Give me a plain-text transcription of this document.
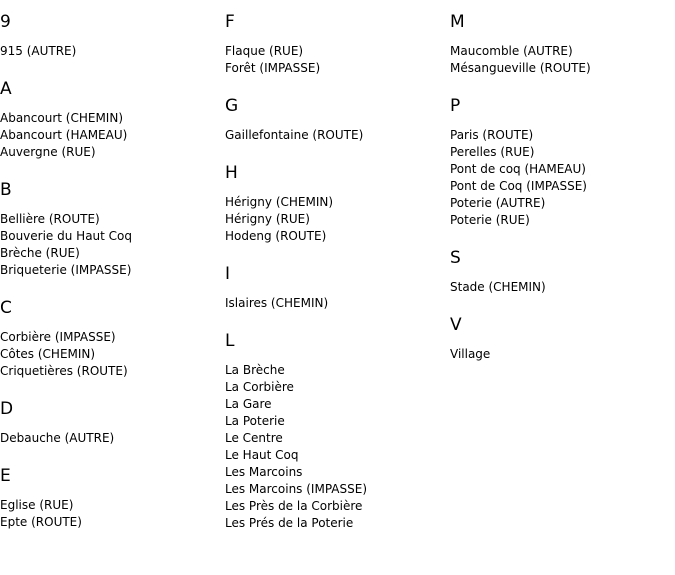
9
915 (AUTRE)
A
Abancourt (CHEMIN)
Abancourt (HAMEAU)
Auvergne (RUE)
B
Bellière (ROUTE)
Bouverie du Haut Coq
Brèche (RUE)
Briqueterie (IMPASSE)
C
Corbière (IMPASSE)
Côtes (CHEMIN)
Criquetières (ROUTE)
D
Debauche (AUTRE)
E
Eglise (RUE)
Epte (ROUTE)
F
Flaque (RUE)
Forêt (IMPASSE)
G
Gaillefontaine (ROUTE)
H
Hérigny (CHEMIN)
Hérigny (RUE)
Hodeng (ROUTE)
I
Islaires (CHEMIN)
L
La Brèche
La Corbière
La Gare
La Poterie
Le Centre
Le Haut Coq
Les Marcoins
Les Marcoins (IMPASSE)
Les Près de la Corbière
Les Prés de la Poterie
M
Maucomble (AUTRE)
Mésangueville (ROUTE)
P
Paris (ROUTE)
Perelles (RUE)
Pont de coq (HAMEAU)
Pont de Coq (IMPASSE)
Poterie (AUTRE)
Poterie (RUE)
S
Stade (CHEMIN)
V
Village
